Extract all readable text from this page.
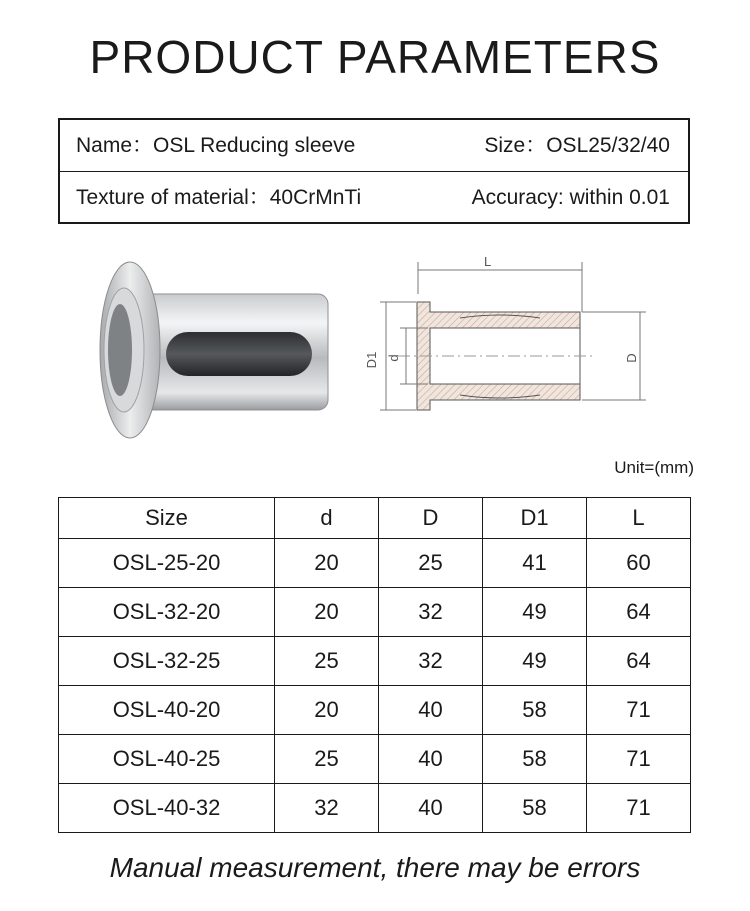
PRODUCT PARAMETERS
Name：OSL Reducing sleeve	Size：OSL25/32/40
Texture of material：40CrMnTi	Accuracy: within 0.01
L
D1 d	D
Unit=(mm)
Size	d	D	D1	L
OSL-25-20	20	25	41	60
OSL-32-20	20	32	49	64
OSL-32-25	25	32	49	64
OSL-40-20	20	40	58	71
OSL-40-25	25	40	58	71
OSL-40-32	32	40	58	71
Manual measurement, there may be errors
